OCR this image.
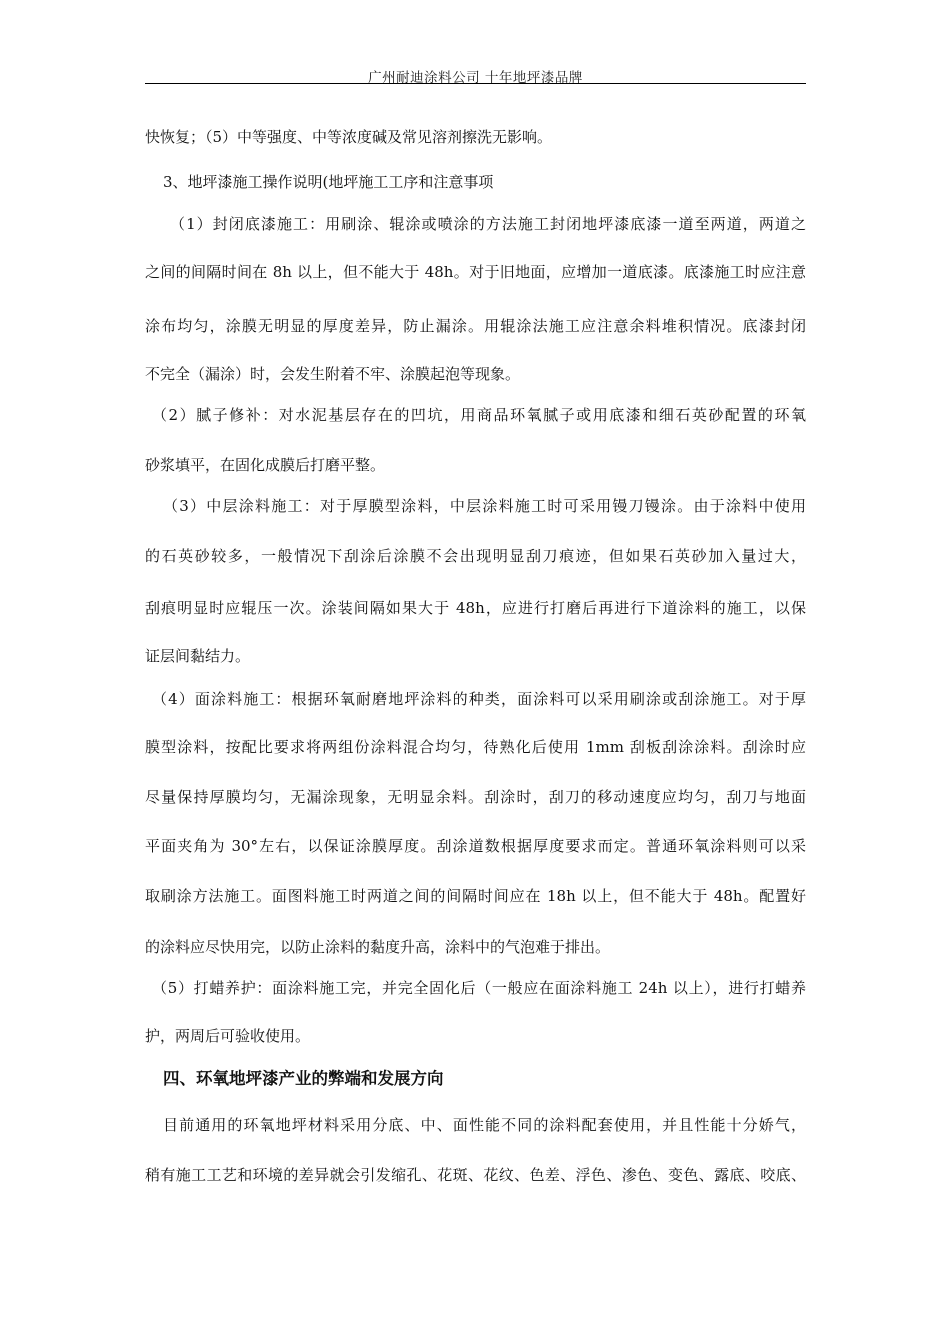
广州耐迪涂料公司 十年地坪漆品牌
快恢复；（5）中等强度、中等浓度碱及常见溶剂擦洗无影响。
3、地坪漆施工操作说明(地坪施工工序和注意事项
（1）封闭底漆施工：用刷涂、辊涂或喷涂的方法施工封闭地坪漆底漆一道至两道，两道之
之间的间隔时间在 8h 以上，但不能大于 48h。对于旧地面，应增加一道底漆。底漆施工时应注意
涂布均匀，涂膜无明显的厚度差异，防止漏涂。用辊涂法施工应注意余料堆积情况。底漆封闭
不完全（漏涂）时，会发生附着不牢、涂膜起泡等现象。
（2）腻子修补：对水泥基层存在的凹坑，用商品环氧腻子或用底漆和细石英砂配置的环氧
砂浆填平，在固化成膜后打磨平整。
（3）中层涂料施工：对于厚膜型涂料，中层涂料施工时可采用镘刀镘涂。由于涂料中使用
的石英砂较多，一般情况下刮涂后涂膜不会出现明显刮刀痕迹，但如果石英砂加入量过大，
刮痕明显时应辊压一次。涂装间隔如果大于 48h，应进行打磨后再进行下道涂料的施工，以保
证层间黏结力。
（4）面涂料施工：根据环氧耐磨地坪涂料的种类，面涂料可以采用刷涂或刮涂施工。对于厚
膜型涂料，按配比要求将两组份涂料混合均匀，待熟化后使用 1mm 刮板刮涂涂料。刮涂时应
尽量保持厚膜均匀，无漏涂现象，无明显余料。刮涂时，刮刀的移动速度应均匀，刮刀与地面
平面夹角为 30°左右，以保证涂膜厚度。刮涂道数根据厚度要求而定。普通环氧涂料则可以采
取刷涂方法施工。面图料施工时两道之间的间隔时间应在 18h 以上，但不能大于 48h。配置好
的涂料应尽快用完，以防止涂料的黏度升高，涂料中的气泡难于排出。
（5）打蜡养护：面涂料施工完，并完全固化后（一般应在面涂料施工 24h 以上），进行打蜡养
护，两周后可验收使用。
四、环氧地坪漆产业的弊端和发展方向
目前通用的环氧地坪材料采用分底、中、面性能不同的涂料配套使用，并且性能十分娇气，
稍有施工工艺和环境的差异就会引发缩孔、花斑、花纹、色差、浮色、渗色、变色、露底、咬底、
